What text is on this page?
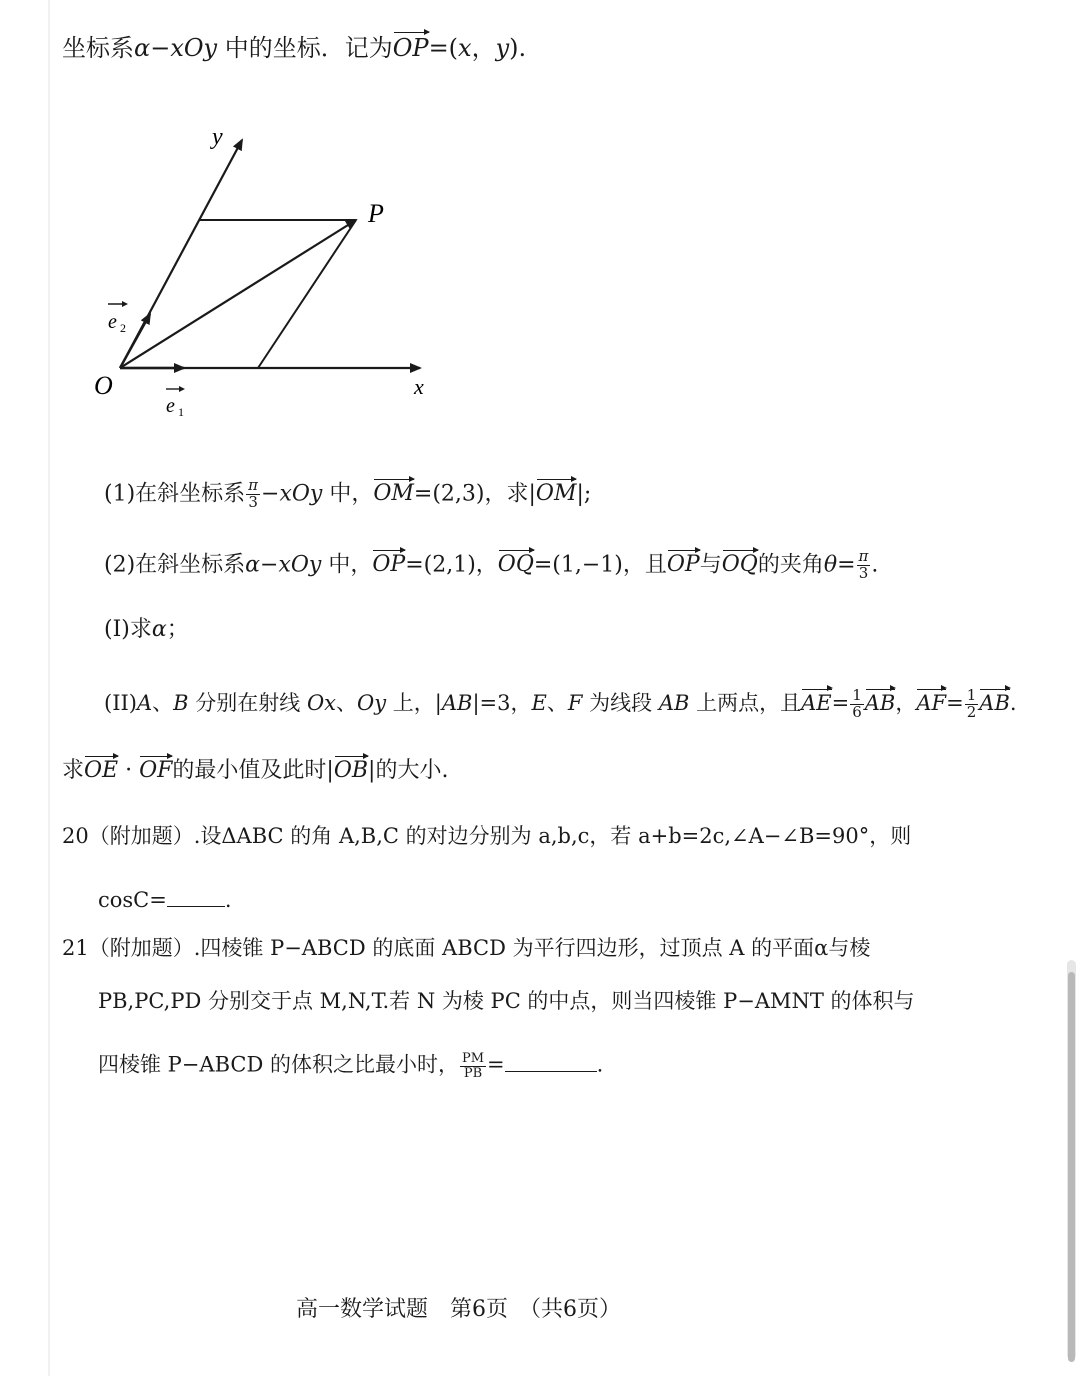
坐标系α−xOy 中的坐标．记为OP=(x，y).
y
P
e 2
O
e 1
x
(1)在斜坐标系 $\frac{\pi}{3} -xOy$ 中，OM=(2,3)，求|OM|;
(2)在斜坐标系α−xOy 中，OP=(2,1)，OQ=(1,−1)，且OP与OQ的夹角$\theta= \frac{\pi}{3}$ .
(I)求α；
(II)A、B 分别在射线 Ox、Oy 上，|AB|=3，E、F 为线段 AB 上两点，且$AE= \frac{1}{6}$ AB，$AF= \frac{1}{2}$ AB.
求OE · OF的最小值及此时|OB|的大小.
20（附加题）.设ΔABC 的角 A,B,C 的对边分别为 a,b,c，若 a+b=2c,∠A−∠B=90°，则
cosC=	.
21（附加题）.四棱锥 P−ABCD 的底面 ABCD 为平行四边形，过顶点 A 的平面α与棱
PB,PC,PD 分别交于点 M,N,T.若 N 为棱 PC 的中点，则当四棱锥 P−AMNT 的体积与
四棱锥 P−ABCD 的体积之比最小时， $\frac{PM}{PB}$ =	.
高一数学试题　第6页　（共6页）
